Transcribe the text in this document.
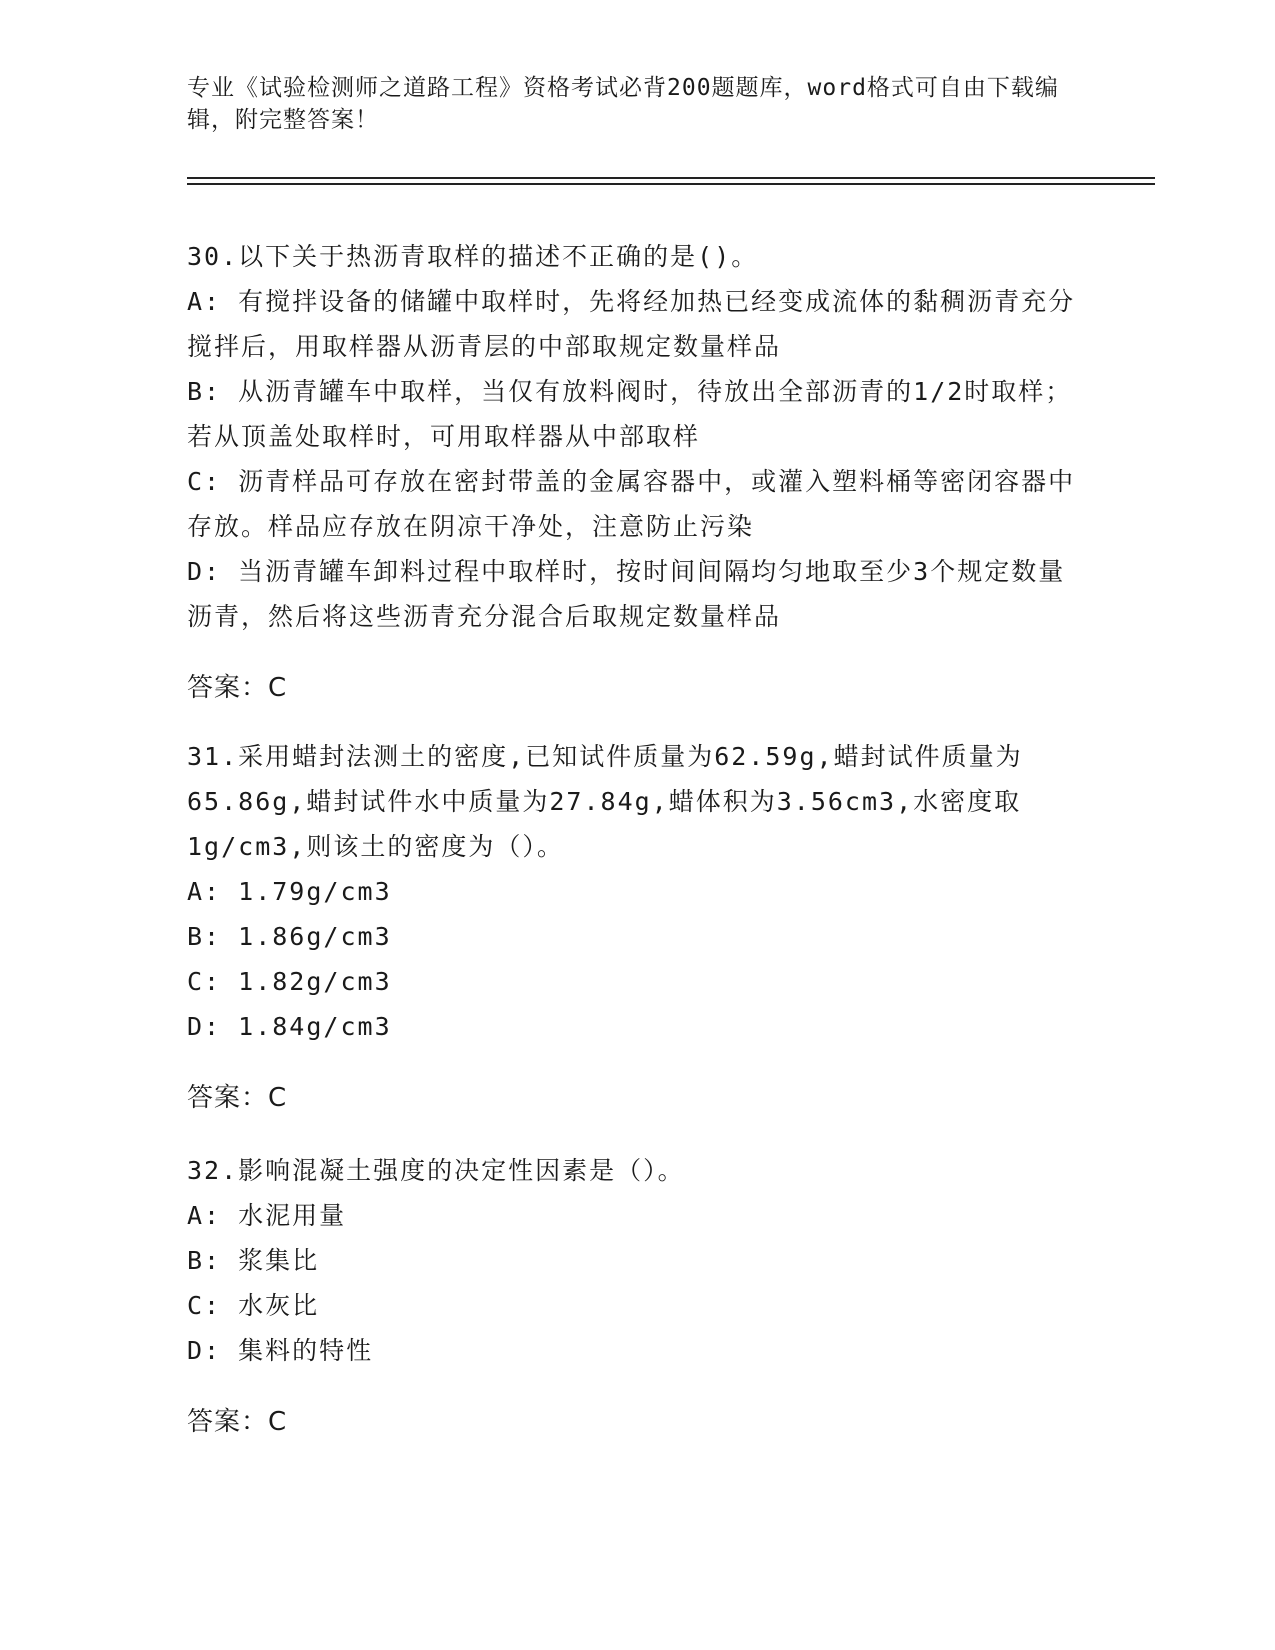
专业《试验检测师之道路工程》资格考试必背200题题库，word格式可自由下载编辑，附完整答案！

30.以下关于热沥青取样的描述不正确的是()。

A: 有搅拌设备的储罐中取样时，先将经加热已经变成流体的黏稠沥青充分搅拌后，用取样器从沥青层的中部取规定数量样品

B: 从沥青罐车中取样，当仅有放料阀时，待放出全部沥青的1/2时取样；若从顶盖处取样时，可用取样器从中部取样

C: 沥青样品可存放在密封带盖的金属容器中，或灌入塑料桶等密闭容器中存放。样品应存放在阴凉干净处，注意防止污染

D: 当沥青罐车卸料过程中取样时，按时间间隔均匀地取至少3个规定数量沥青，然后将这些沥青充分混合后取规定数量样品

答案：C

31.采用蜡封法测土的密度,已知试件质量为62.59g,蜡封试件质量为65.86g,蜡封试件水中质量为27.84g,蜡体积为3.56cm3,水密度取1g/cm3,则该土的密度为（）。

A: 1.79g/cm3

B: 1.86g/cm3

C: 1.82g/cm3

D: 1.84g/cm3

答案：C

32.影响混凝土强度的决定性因素是（）。

A: 水泥用量

B: 浆集比

C: 水灰比

D: 集料的特性

答案：C
